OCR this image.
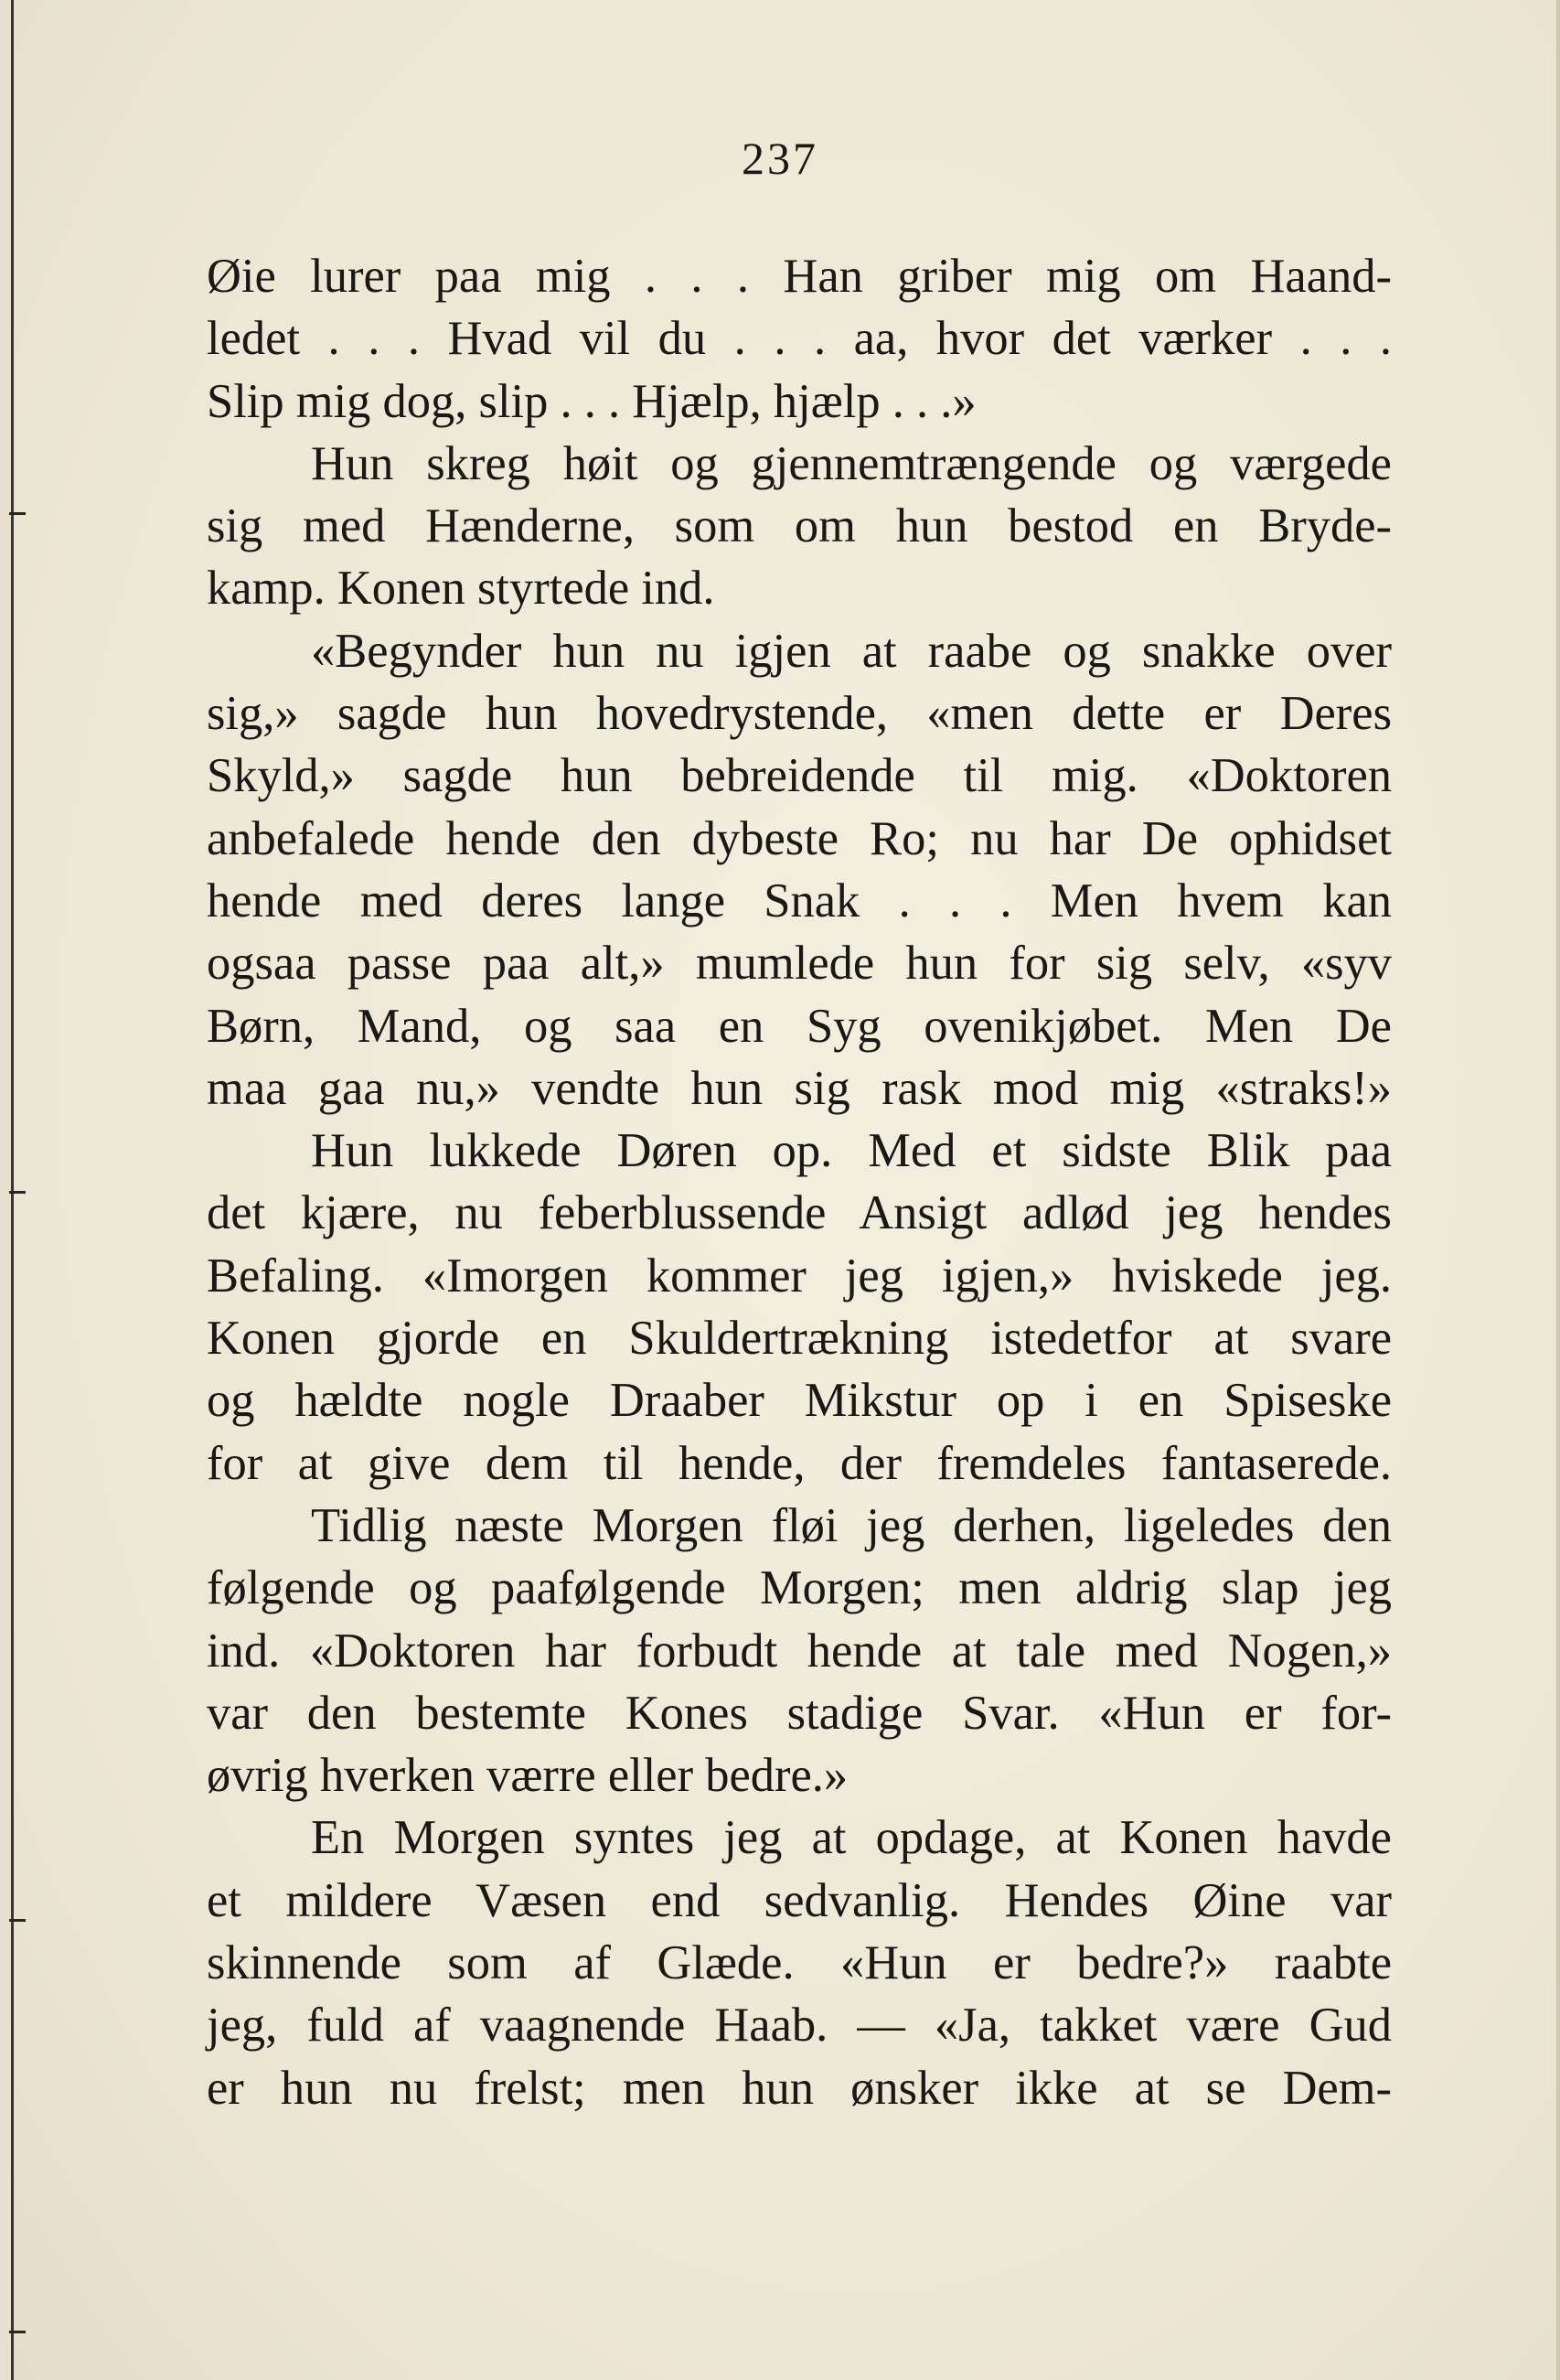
237
Øie lurer paa mig . . . Han griber mig om Haand-
ledet . . . Hvad vil du . . . aa, hvor det værker . . .
Slip mig dog, slip . . . Hjælp, hjælp . . .»
Hun skreg høit og gjennemtrængende og værgede
sig med Hænderne, som om hun bestod en Bryde-
kamp. Konen styrtede ind.
«Begynder hun nu igjen at raabe og snakke over
sig,» sagde hun hovedrystende, «men dette er Deres
Skyld,» sagde hun bebreidende til mig. «Doktoren
anbefalede hende den dybeste Ro; nu har De ophidset
hende med deres lange Snak . . . Men hvem kan
ogsaa passe paa alt,» mumlede hun for sig selv, «syv
Børn, Mand, og saa en Syg ovenikjøbet. Men De
maa gaa nu,» vendte hun sig rask mod mig «straks!»
Hun lukkede Døren op. Med et sidste Blik paa
det kjære, nu feberblussende Ansigt adlød jeg hendes
Befaling. «Imorgen kommer jeg igjen,» hviskede jeg.
Konen gjorde en Skuldertrækning istedetfor at svare
og hældte nogle Draaber Mikstur op i en Spiseske
for at give dem til hende, der fremdeles fantaserede.
Tidlig næste Morgen fløi jeg derhen, ligeledes den
følgende og paafølgende Morgen; men aldrig slap jeg
ind. «Doktoren har forbudt hende at tale med Nogen,»
var den bestemte Kones stadige Svar. «Hun er for-
øvrig hverken værre eller bedre.»
En Morgen syntes jeg at opdage, at Konen havde
et mildere Væsen end sedvanlig. Hendes Øine var
skinnende som af Glæde. «Hun er bedre?» raabte
jeg, fuld af vaagnende Haab. — «Ja, takket være Gud
er hun nu frelst; men hun ønsker ikke at se Dem-
